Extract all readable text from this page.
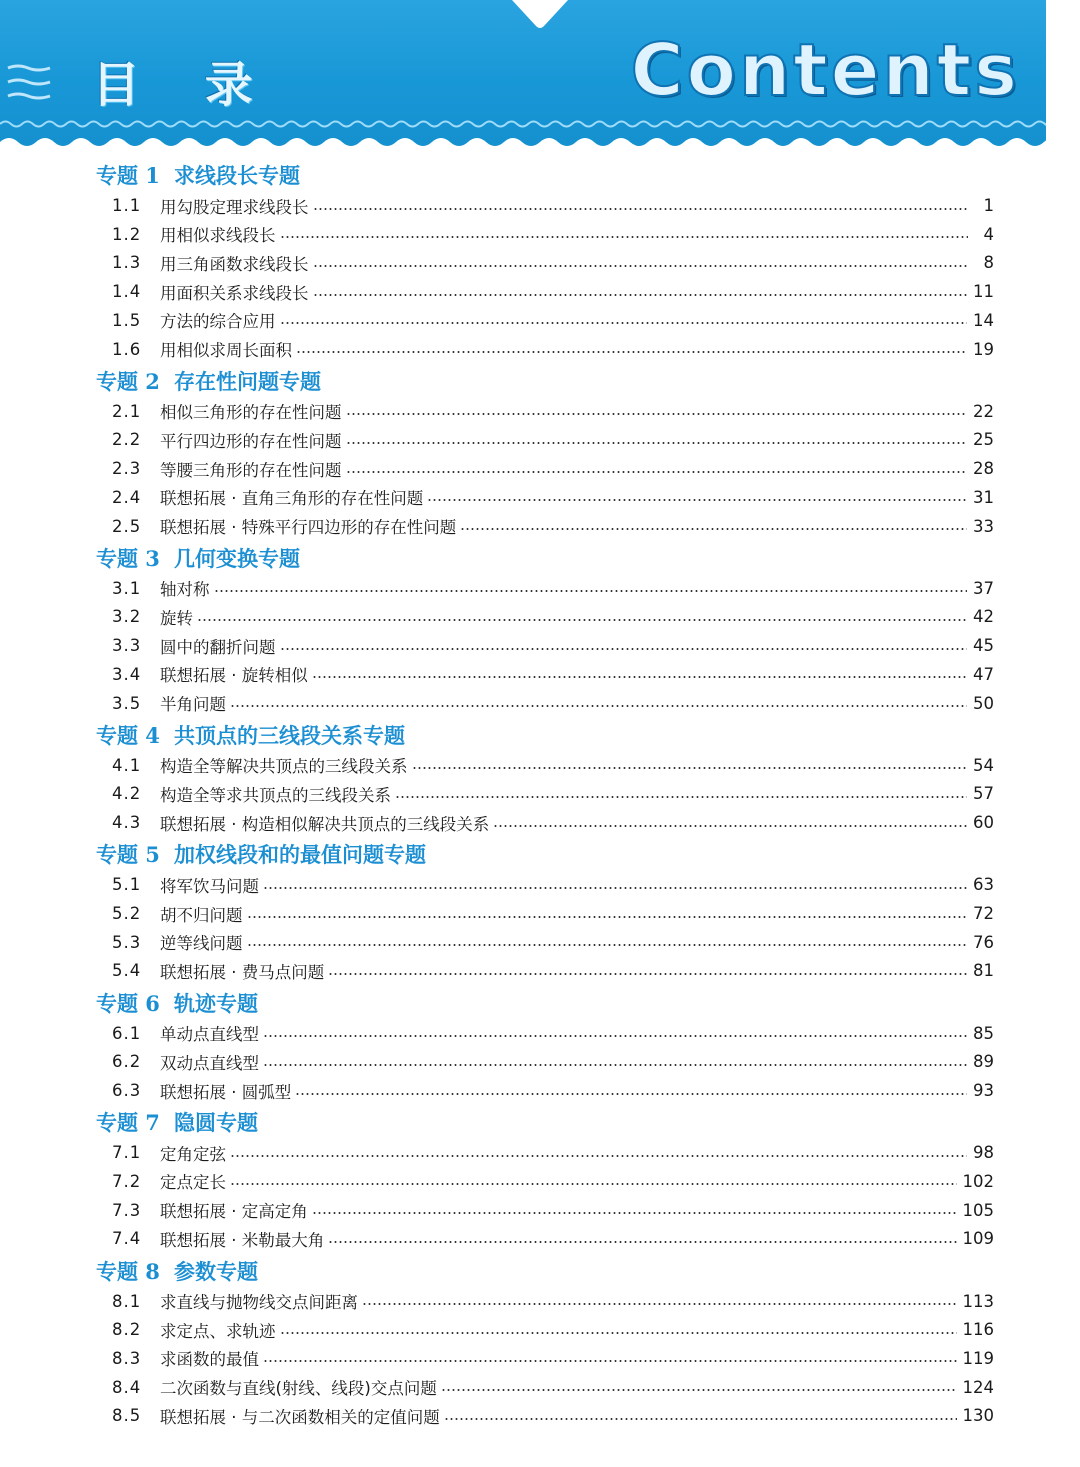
目 录	Contents
专题 1 求线段长专题
1.1	用勾股定理求线段长	1
1.2	用相似求线段长	4
1.3	用三角函数求线段长	8
1.4	用面积关系求线段长	11
1.5	方法的综合应用	14
1.6	用相似求周长面积	19
专题 2 存在性问题专题
2.1	相似三角形的存在性问题	22
2.2	平行四边形的存在性问题	25
2.3	等腰三角形的存在性问题	28
2.4	联想拓展 · 直角三角形的存在性问题	31
2.5	联想拓展 · 特殊平行四边形的存在性问题	33
专题 3 几何变换专题
3.1	轴对称	37
3.2	旋转	42
3.3	圆中的翻折问题	45
3.4	联想拓展 · 旋转相似	47
3.5	半角问题	50
专题 4 共顶点的三线段关系专题
4.1	构造全等解决共顶点的三线段关系	54
4.2	构造全等求共顶点的三线段关系	57
4.3	联想拓展 · 构造相似解决共顶点的三线段关系	60
专题 5 加权线段和的最值问题专题
5.1	将军饮马问题	63
5.2	胡不归问题	72
5.3	逆等线问题	76
5.4	联想拓展 · 费马点问题	81
专题 6 轨迹专题
6.1	单动点直线型	85
6.2	双动点直线型	89
6.3	联想拓展 · 圆弧型	93
专题 7 隐圆专题
7.1	定角定弦	98
7.2	定点定长	102
7.3	联想拓展 · 定高定角	105
7.4	联想拓展 · 米勒最大角	109
专题 8 参数专题
8.1	求直线与抛物线交点间距离	113
8.2	求定点、求轨迹	116
8.3	求函数的最值	119
8.4	二次函数与直线(射线、线段)交点问题	124
8.5	联想拓展 · 与二次函数相关的定值问题	130
